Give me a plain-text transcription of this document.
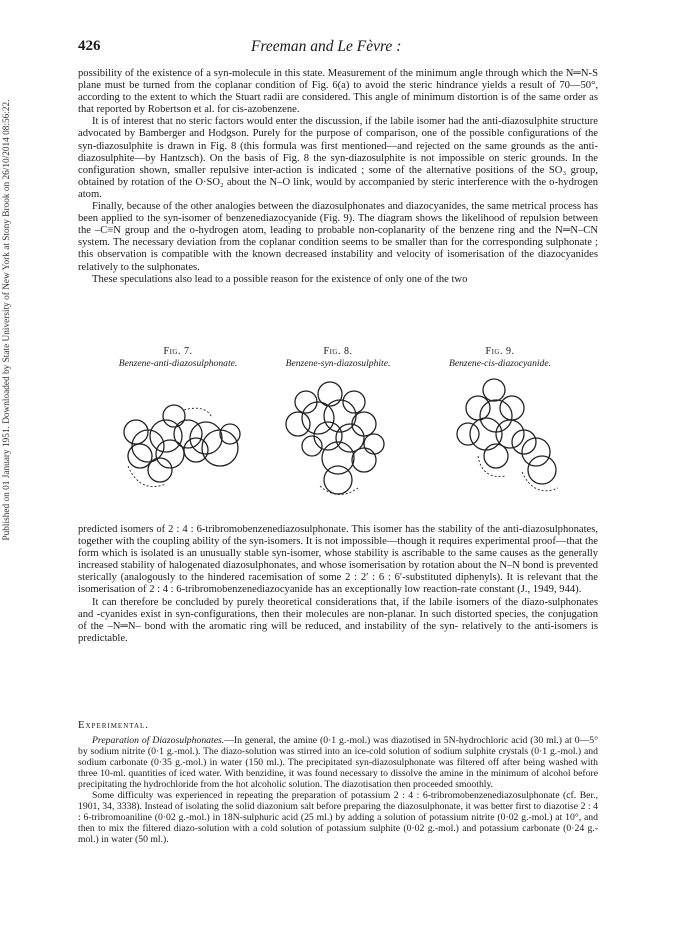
Published on 01 January 1951. Downloaded by State University of New York at Stony Brook on 26/10/2014 08:56:22.
426	Freeman and Le Fèvre :

possibility of the existence of a syn-molecule in this state. Measurement of the minimum angle through which the N═N-S plane must be turned from the coplanar condition of Fig. 6(a) to avoid the steric hindrance yields a result of 70—50°, according to the extent to which the Stuart radii are considered. This angle of minimum distortion is of the same order as that reported by Robertson et al. for cis-azobenzene.

It is of interest that no steric factors would enter the discussion, if the labile isomer had the anti-diazosulphite structure advocated by Bamberger and Hodgson. Purely for the purpose of comparison, one of the possible configurations of the syn-diazosulphite is drawn in Fig. 8 (this formula was first mentioned—and rejected on the same grounds as the anti-diazosulphite—by Hantzsch). On the basis of Fig. 8 the syn-diazosulphite is not impossible on steric grounds. In the configuration shown, smaller repulsive inter-action is indicated ; some of the alternative positions of the SO₃ group, obtained by rotation of the O·SO₂ about the N–O link, would by accompanied by steric interference with the o-hydrogen atom.

Finally, because of the other analogies between the diazosulphonates and diazocyanides, the same metrical process has been applied to the syn-isomer of benzenediazocyanide (Fig. 9). The diagram shows the likelihood of repulsion between the –C≡N group and the o-hydrogen atom, leading to probable non-coplanarity of the benzene ring and the N═N–CN system. The necessary deviation from the coplanar condition seems to be smaller than for the corresponding sulphonate ; this observation is compatible with the known decreased instability and velocity of isomerisation of the diazocyanides relatively to the sulphonates.

These speculations also lead to a possible reason for the existence of only one of the two

Fig. 7.
Benzene-anti-diazosulphonate.
Fig. 8.
Benzene-syn-diazosulphite.
Fig. 9.
Benzene-cis-diazocyanide.

predicted isomers of 2 : 4 : 6-tribromobenzenediazosulphonate. This isomer has the stability of the anti-diazosulphonates, together with the coupling ability of the syn-isomers. It is not impossible—though it requires experimental proof—that the form which is isolated is an unusually stable syn-isomer, whose stability is ascribable to the same causes as the generally increased stability of halogenated diazosulphonates, and whose isomerisation by rotation about the N–N bond is prevented sterically (analogously to the hindered racemisation of some 2 : 2′ : 6 : 6′-substituted diphenyls). It is relevant that the isomerisation of 2 : 4 : 6-tribromobenzenediazocyanide has an exceptionally low reaction-rate constant (J., 1949, 944).

It can therefore be concluded by purely theoretical considerations that, if the labile isomers of the diazo-sulphonates and -cyanides exist in syn-configurations, then their molecules are non-planar. In such distorted species, the conjugation of the –N═N– bond with the aromatic ring will be reduced, and instability of the syn- relatively to the anti-isomers is predictable.

Experimental.

Preparation of Diazosulphonates.—In general, the amine (0·1 g.-mol.) was diazotised in 5N-hydrochloric acid (30 ml.) at 0—5° by sodium nitrite (0·1 g.-mol.). The diazo-solution was stirred into an ice-cold solution of sodium sulphite crystals (0·1 g.-mol.) and sodium carbonate (0·35 g.-mol.) in water (150 ml.). The precipitated syn-diazosulphonate was filtered off after being washed with three 10-ml. quantities of iced water. With benzidine, it was found necessary to dissolve the amine in the minimum of alcohol before precipitating the hydrochloride from the hot alcoholic solution. The diazotisation then proceeded smoothly.

Some difficulty was experienced in repeating the preparation of potassium 2 : 4 : 6-tribromobenzenediazosulphonate (cf. Ber., 1901, 34, 3338). Instead of isolating the solid diazonium salt before preparing the diazosulphonate, it was better first to diazotise 2 : 4 : 6-tribromoaniline (0·02 g.-mol.) in 18N-sulphuric acid (25 ml.) by adding a solution of potassium nitrite (0·02 g.-mol.) at 10°, and then to mix the filtered diazo-solution with a cold solution of potassium sulphite (0·02 g.-mol.) and potassium carbonate (0·24 g.-mol.) in water (50 ml.).
